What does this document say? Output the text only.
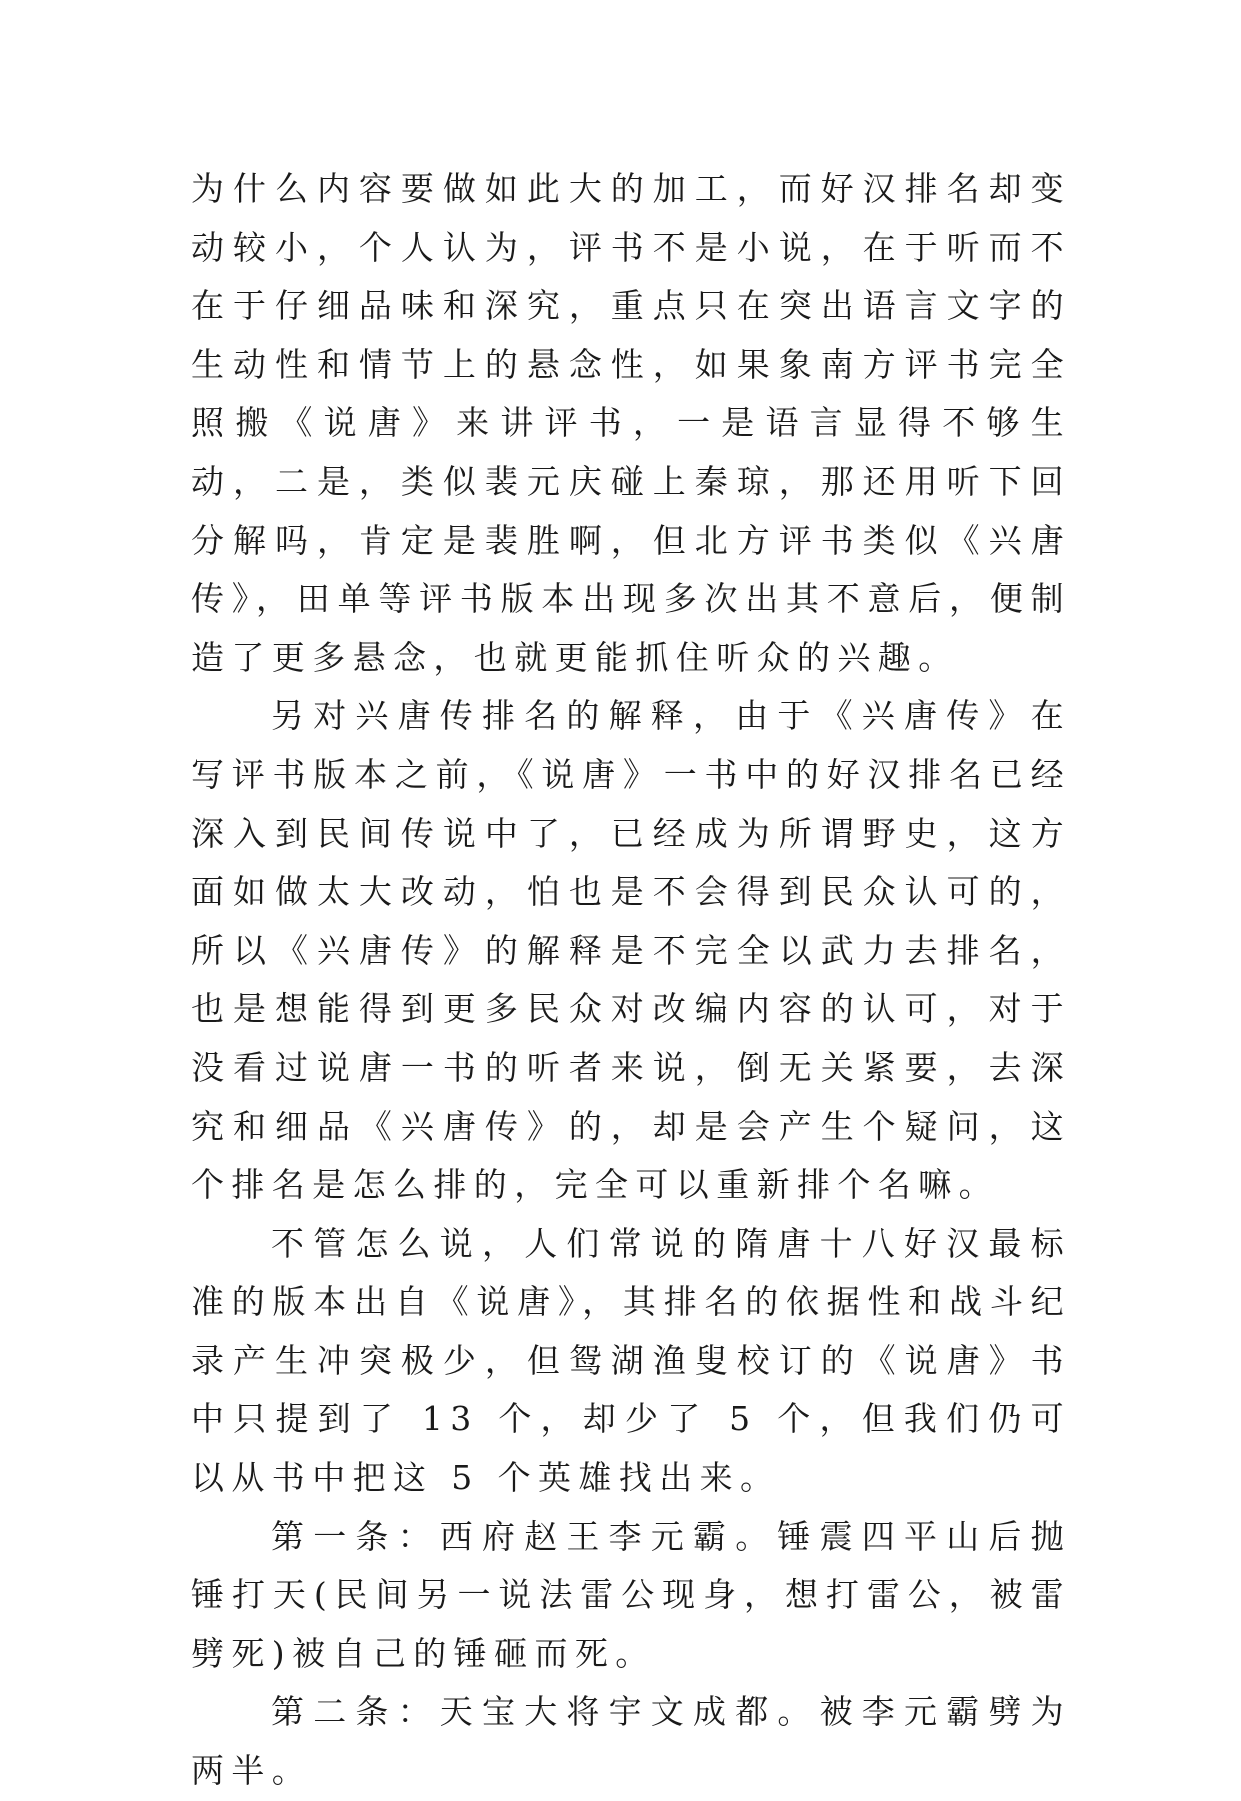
为什么内容要做如此大的加工，而好汉排名却变动较小，个人认为，评书不是小说，在于听而不在于仔细品味和深究，重点只在突出语言文字的生动性和情节上的悬念性，如果象南方评书完全照搬《说唐》来讲评书，一是语言显得不够生动，二是，类似裴元庆碰上秦琼，那还用听下回分解吗，肯定是裴胜啊，但北方评书类似《兴唐传》，田单等评书版本出现多次出其不意后，便制造了更多悬念，也就更能抓住听众的兴趣。

另对兴唐传排名的解释，由于《兴唐传》在写评书版本之前，《说唐》一书中的好汉排名已经深入到民间传说中了，已经成为所谓野史，这方面如做太大改动，怕也是不会得到民众认可的，所以《兴唐传》的解释是不完全以武力去排名，也是想能得到更多民众对改编内容的认可，对于没看过说唐一书的听者来说，倒无关紧要，去深究和细品《兴唐传》的，却是会产生个疑问，这个排名是怎么排的，完全可以重新排个名嘛。

不管怎么说，人们常说的隋唐十八好汉最标准的版本出自《说唐》，其排名的依据性和战斗纪录产生冲突极少，但鸳湖渔叟校订的《说唐》书中只提到了 13 个，却少了 5 个，但我们仍可以从书中把这 5 个英雄找出来。

第一条：西府赵王李元霸。锤震四平山后抛锤打天(民间另一说法雷公现身，想打雷公，被雷劈死)被自己的锤砸而死。

第二条：天宝大将宇文成都。被李元霸劈为两半。
